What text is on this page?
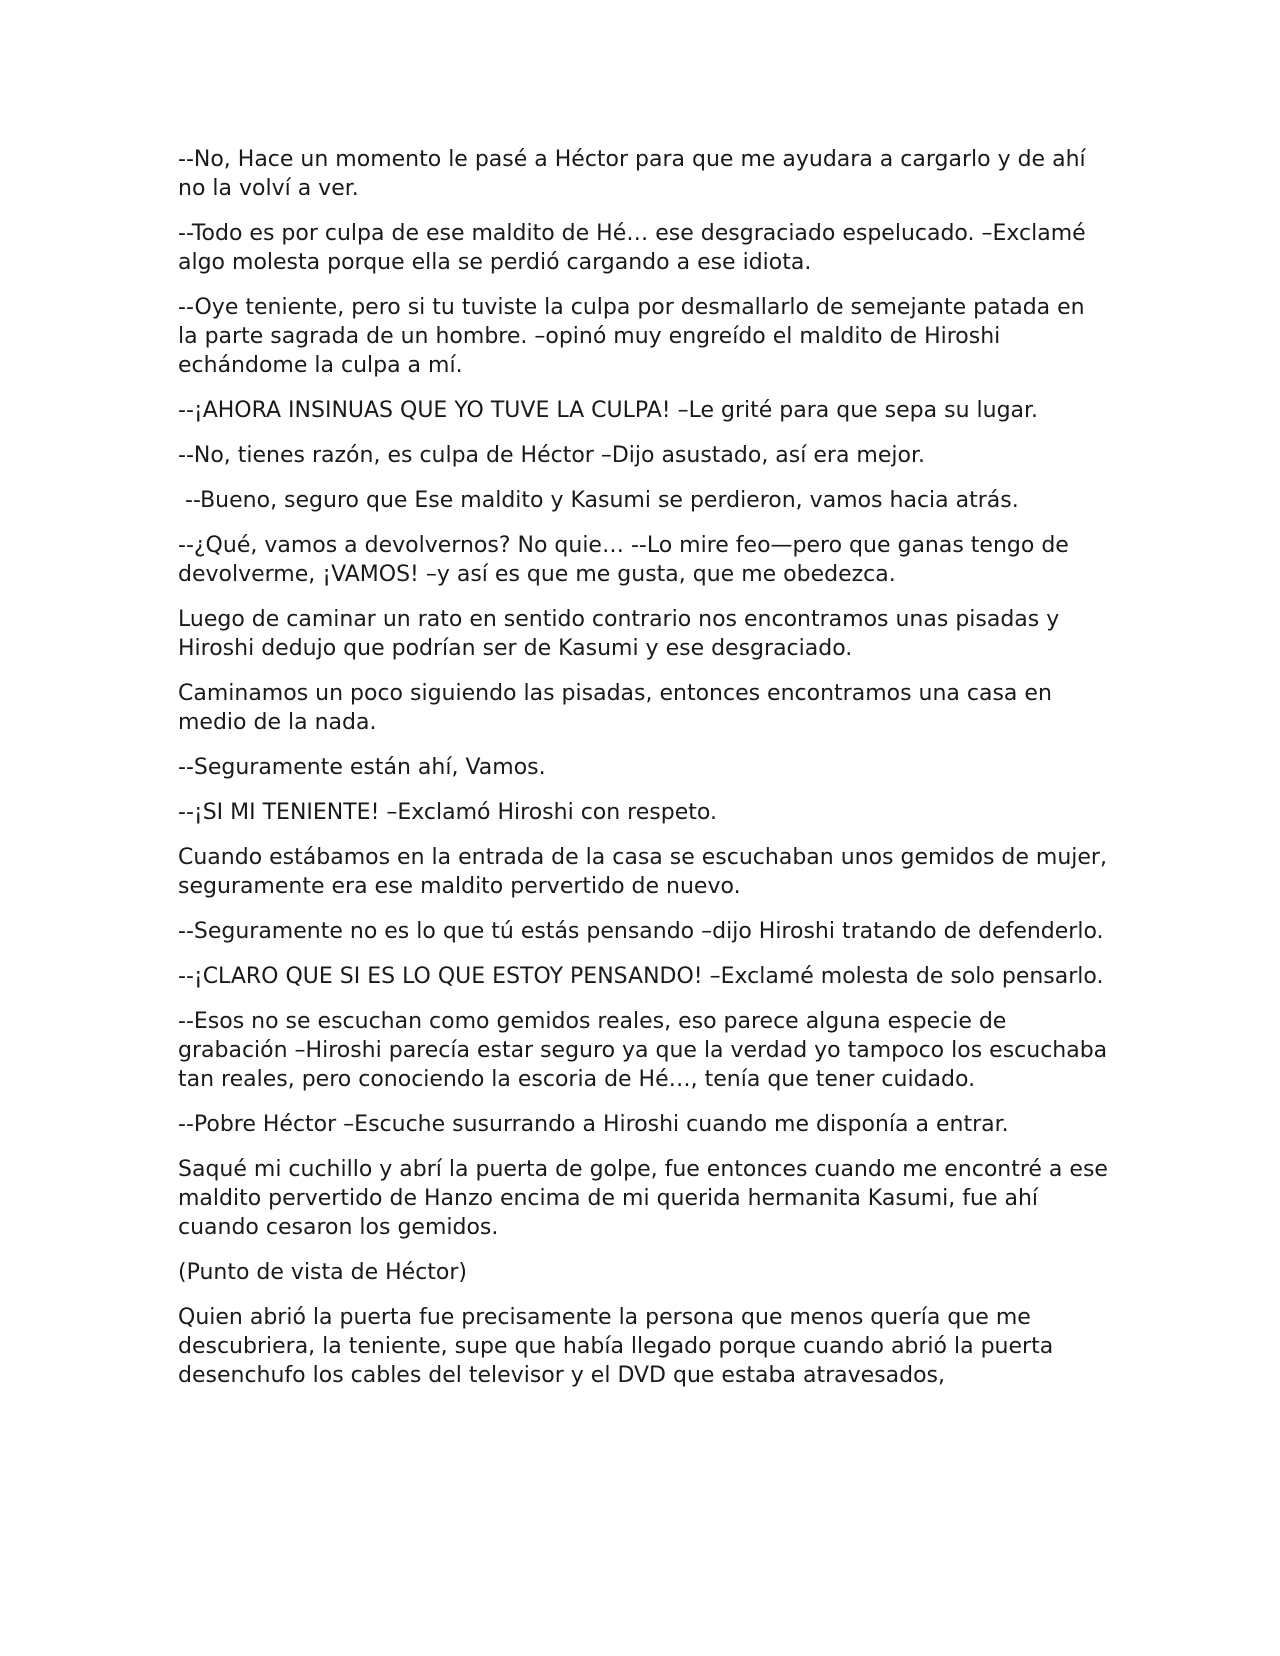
--No, Hace un momento le pasé a Héctor para que me ayudara a cargarlo y de ahí no la volví a ver.

--Todo es por culpa de ese maldito de Hé… ese desgraciado espelucado. –Exclamé algo molesta porque ella se perdió cargando a ese idiota.

--Oye teniente, pero si tu tuviste la culpa por desmallarlo de semejante patada en la parte sagrada de un hombre. –opinó muy engreído el maldito de Hiroshi echándome la culpa a mí.

--¡AHORA INSINUAS QUE YO TUVE LA CULPA! –Le grité para que sepa su lugar.

--No, tienes razón, es culpa de Héctor –Dijo asustado, así era mejor.

--Bueno, seguro que Ese maldito y Kasumi se perdieron, vamos hacia atrás.

--¿Qué, vamos a devolvernos? No quie… --Lo mire feo—pero que ganas tengo de devolverme, ¡VAMOS! –y así es que me gusta, que me obedezca.

Luego de caminar un rato en sentido contrario nos encontramos unas pisadas y Hiroshi dedujo que podrían ser de Kasumi y ese desgraciado.

Caminamos un poco siguiendo las pisadas, entonces encontramos una casa en medio de la nada.

--Seguramente están ahí, Vamos.

--¡SI MI TENIENTE! –Exclamó Hiroshi con respeto.

Cuando estábamos en la entrada de la casa se escuchaban unos gemidos de mujer, seguramente era ese maldito pervertido de nuevo.

--Seguramente no es lo que tú estás pensando –dijo Hiroshi tratando de defenderlo.

--¡CLARO QUE SI ES LO QUE ESTOY PENSANDO! –Exclamé molesta de solo pensarlo.

--Esos no se escuchan como gemidos reales, eso parece alguna especie de grabación –Hiroshi parecía estar seguro ya que la verdad yo tampoco los escuchaba tan reales, pero conociendo la escoria de Hé…, tenía que tener cuidado.

--Pobre Héctor –Escuche susurrando a Hiroshi cuando me disponía a entrar.

Saqué mi cuchillo y abrí la puerta de golpe, fue entonces cuando me encontré a ese maldito pervertido de Hanzo encima de mi querida hermanita Kasumi, fue ahí cuando cesaron los gemidos.

(Punto de vista de Héctor)

Quien abrió la puerta fue precisamente la persona que menos quería que me descubriera, la teniente, supe que había llegado porque cuando abrió la puerta desenchufo los cables del televisor y el DVD que estaba atravesados,
